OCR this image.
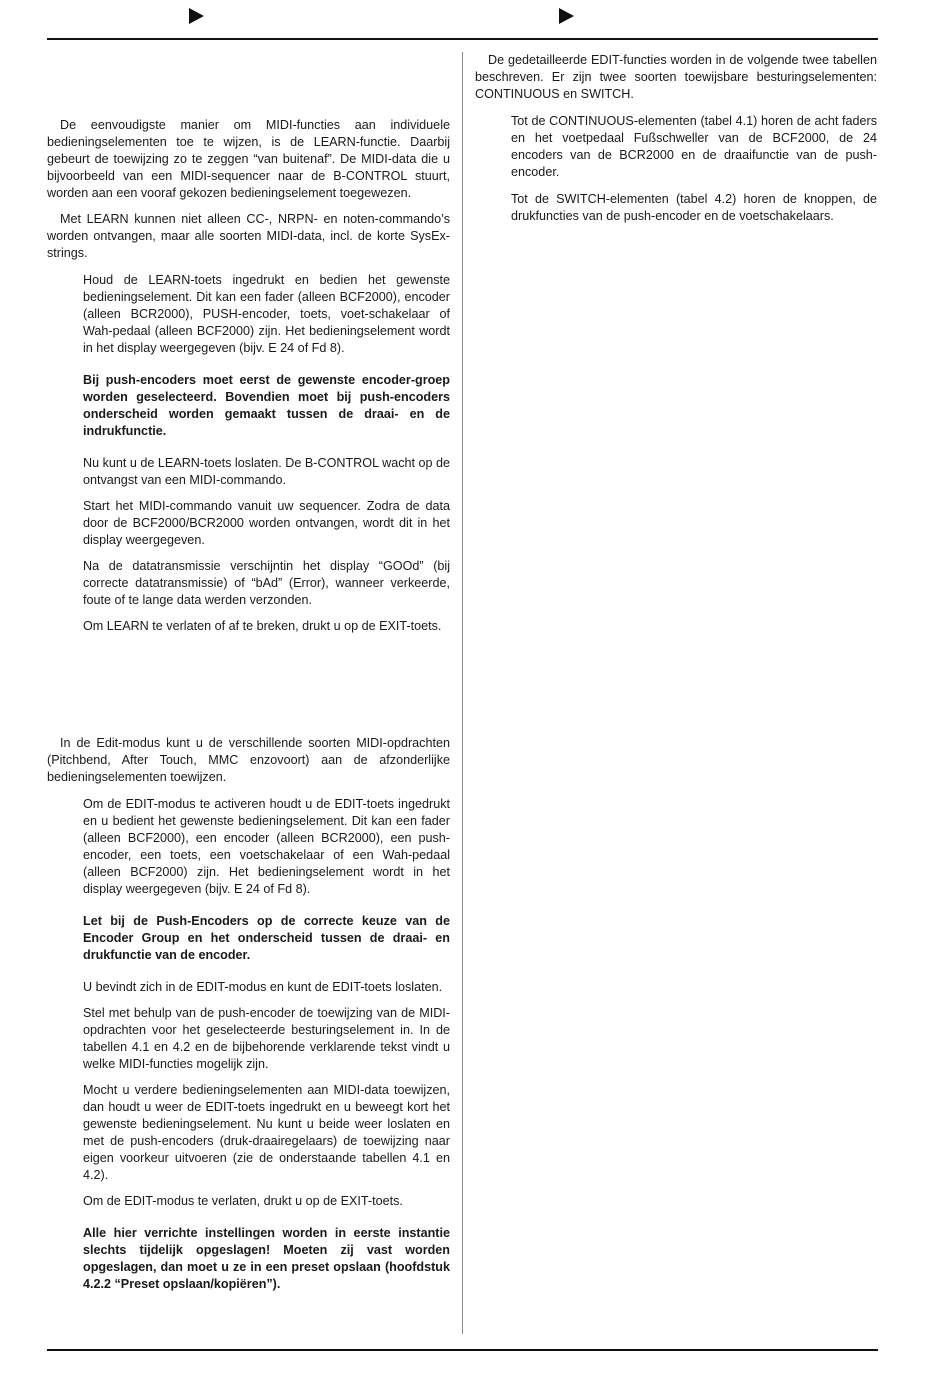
De eenvoudigste manier om MIDI-functies aan individuele bedieningselementen toe te wijzen, is de LEARN-functie. Daarbij gebeurt de toewijzing zo te zeggen “van buitenaf”. De MIDI-data die u bijvoorbeeld van een MIDI-sequencer naar de B-CONTROL stuurt, worden aan een vooraf gekozen bedieningselement toegewezen.

Met LEARN kunnen niet alleen CC-, NRPN- en noten-commando’s worden ontvangen, maar alle soorten MIDI-data, incl. de korte SysEx-strings.

Houd de LEARN-toets ingedrukt en bedien het gewenste bedieningselement. Dit kan een fader (alleen BCF2000), encoder (alleen BCR2000), PUSH-encoder, toets, voet-schakelaar of Wah-pedaal (alleen BCF2000) zijn. Het bedieningselement wordt in het display weergegeven (bijv. E 24 of Fd 8).

Bij push-encoders moet eerst de gewenste encoder-groep worden geselecteerd. Bovendien moet bij push-encoders onderscheid worden gemaakt tussen de draai- en de indrukfunctie.

Nu kunt u de LEARN-toets loslaten. De B-CONTROL wacht op de ontvangst van een MIDI-commando.

Start het MIDI-commando vanuit uw sequencer. Zodra de data door de BCF2000/BCR2000 worden ontvangen, wordt dit in het display weergegeven.

Na de datatransmissie verschijntin het display “GOOd” (bij correcte datatransmissie) of “bAd” (Error), wanneer verkeerde, foute of te lange data werden verzonden.

Om LEARN te verlaten of af te breken, drukt u op de EXIT-toets.

In de Edit-modus kunt u de verschillende soorten MIDI-opdrachten (Pitchbend, After Touch, MMC enzovoort) aan de afzonderlijke bedieningselementen toewijzen.

Om de EDIT-modus te activeren houdt u de EDIT-toets ingedrukt en u bedient het gewenste bedieningselement. Dit kan een fader (alleen BCF2000), een encoder (alleen BCR2000), een push-encoder, een toets, een voetschakelaar of een Wah-pedaal (alleen BCF2000) zijn. Het bedieningselement wordt in het display weergegeven (bijv. E 24 of Fd 8).

Let bij de Push-Encoders op de correcte keuze van de Encoder Group en het onderscheid tussen de draai- en drukfunctie van de encoder.

U bevindt zich in de EDIT-modus en kunt de EDIT-toets loslaten.

Stel met behulp van de push-encoder de toewijzing van de MIDI-opdrachten voor het geselecteerde besturingselement in. In de tabellen 4.1 en 4.2 en de bijbehorende verklarende tekst vindt u welke MIDI-functies mogelijk zijn.

Mocht u verdere bedieningselementen aan MIDI-data toewijzen, dan houdt u weer de EDIT-toets ingedrukt en u beweegt kort het gewenste bedieningselement. Nu kunt u beide weer loslaten en met de push-encoders (druk-draairegelaars) de toewijzing naar eigen voorkeur uitvoeren (zie de onderstaande tabellen 4.1 en 4.2).

Om de EDIT-modus te verlaten, drukt u op de EXIT-toets.

Alle hier verrichte instellingen worden in eerste instantie slechts tijdelijk opgeslagen! Moeten zij vast worden opgeslagen, dan moet u ze in een preset opslaan (hoofdstuk 4.2.2 “Preset opslaan/kopiëren”).

De gedetailleerde EDIT-functies worden in de volgende twee tabellen beschreven. Er zijn twee soorten toewijsbare besturingselementen: CONTINUOUS en SWITCH.

Tot de CONTINUOUS-elementen (tabel 4.1) horen de acht faders en het voetpedaal Fußschweller van de BCF2000, de 24 encoders van de BCR2000 en de draaifunctie van de push-encoder.

Tot de SWITCH-elementen (tabel 4.2) horen de knoppen, de drukfuncties van de push-encoder en de voetschakelaars.
